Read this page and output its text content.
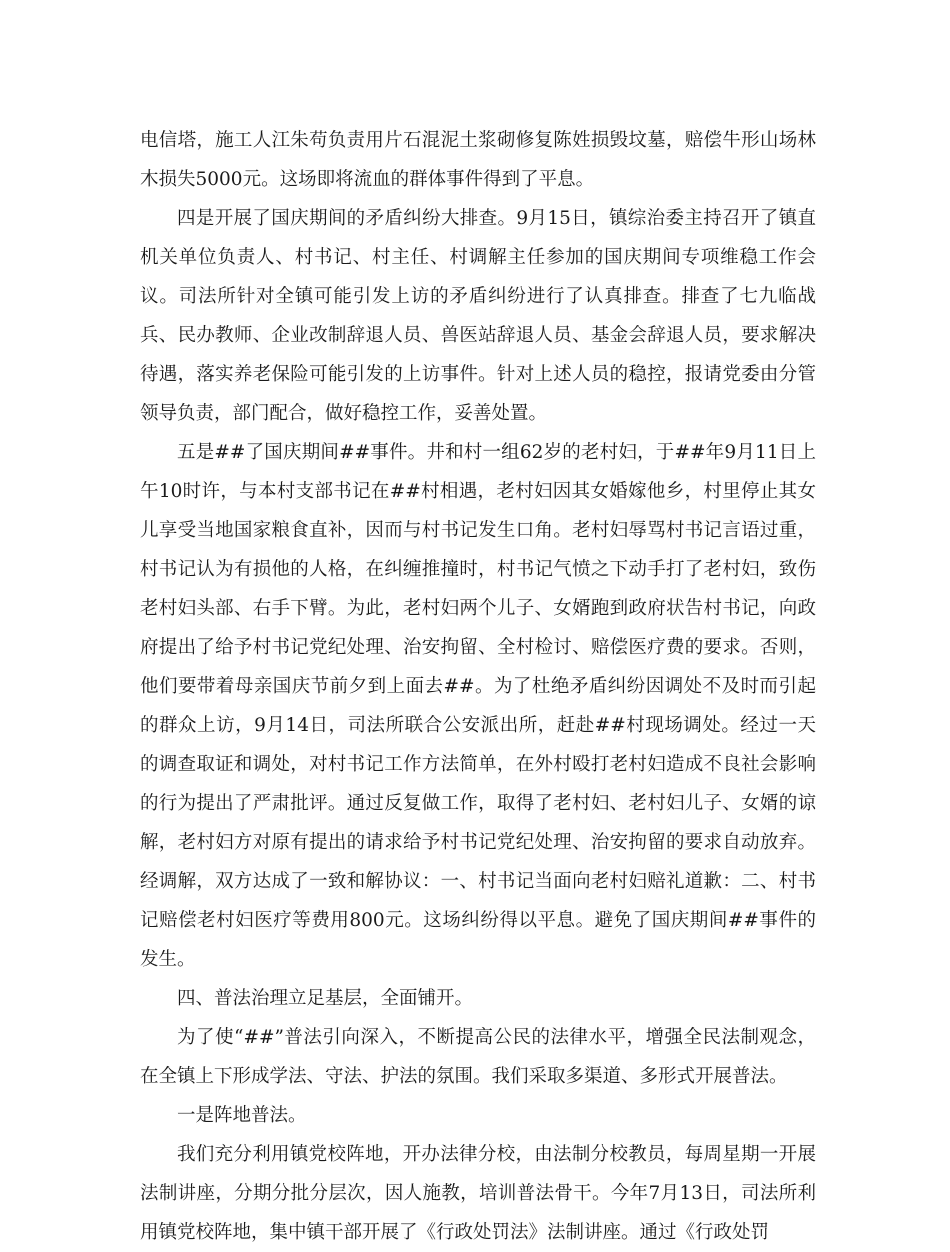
电信塔，施工人江朱苟负责用片石混泥土浆砌修复陈姓损毁坟墓，赔偿牛形山场林木损失5000元。这场即将流血的群体事件得到了平息。

四是开展了国庆期间的矛盾纠纷大排查。9月15日，镇综治委主持召开了镇直机关单位负责人、村书记、村主任、村调解主任参加的国庆期间专项维稳工作会议。司法所针对全镇可能引发上访的矛盾纠纷进行了认真排查。排查了七九临战兵、民办教师、企业改制辞退人员、兽医站辞退人员、基金会辞退人员，要求解决待遇，落实养老保险可能引发的上访事件。针对上述人员的稳控，报请党委由分管领导负责，部门配合，做好稳控工作，妥善处置。

五是##了国庆期间##事件。井和村一组62岁的老村妇，于##年9月11日上午10时许，与本村支部书记在##村相遇，老村妇因其女婚嫁他乡，村里停止其女儿享受当地国家粮食直补，因而与村书记发生口角。老村妇辱骂村书记言语过重，村书记认为有损他的人格，在纠缠推撞时，村书记气愤之下动手打了老村妇，致伤老村妇头部、右手下臂。为此，老村妇两个儿子、女婿跑到政府状告村书记，向政府提出了给予村书记党纪处理、治安拘留、全村检讨、赔偿医疗费的要求。否则，他们要带着母亲国庆节前夕到上面去##。为了杜绝矛盾纠纷因调处不及时而引起的群众上访，9月14日，司法所联合公安派出所，赶赴##村现场调处。经过一天的调查取证和调处，对村书记工作方法简单，在外村殴打老村妇造成不良社会影响的行为提出了严肃批评。通过反复做工作，取得了老村妇、老村妇儿子、女婿的谅解，老村妇方对原有提出的请求给予村书记党纪处理、治安拘留的要求自动放弃。经调解，双方达成了一致和解协议：一、村书记当面向老村妇赔礼道歉：二、村书记赔偿老村妇医疗等费用800元。这场纠纷得以平息。避免了国庆期间##事件的发生。

四、普法治理立足基层，全面铺开。

为了使“##”普法引向深入，不断提高公民的法律水平，增强全民法制观念，在全镇上下形成学法、守法、护法的氛围。我们采取多渠道、多形式开展普法。

一是阵地普法。

我们充分利用镇党校阵地，开办法律分校，由法制分校教员，每周星期一开展法制讲座，分期分批分层次，因人施教，培训普法骨干。今年7月13日，司法所利用镇党校阵地，集中镇干部开展了《行政处罚法》法制讲座。通过《行政处罚
